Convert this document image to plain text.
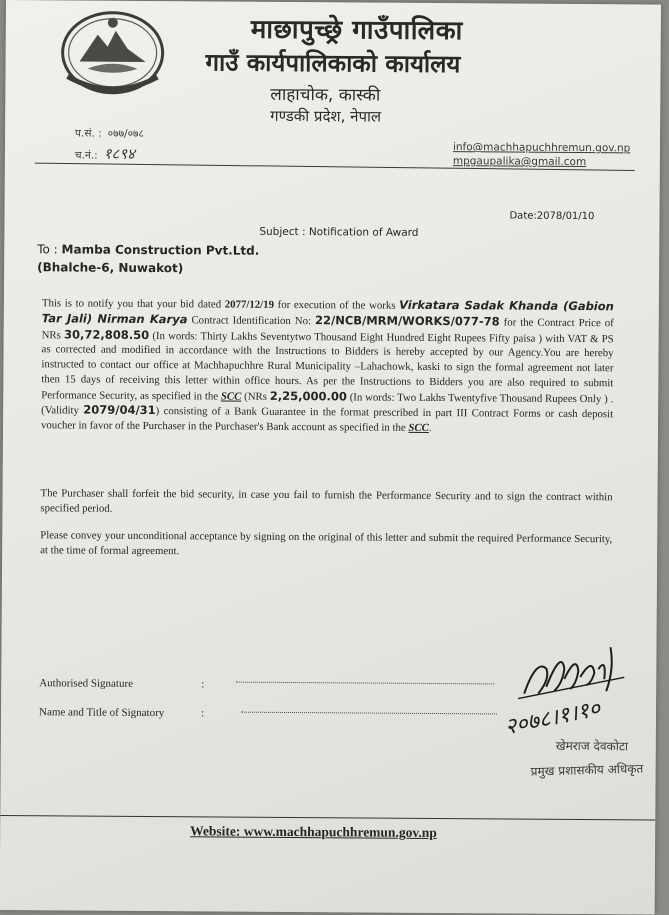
माछापुच्छ्रे गाउँपालिका
गाउँ कार्यपालिकाको कार्यालय
लाहाचोक, कास्की
गण्डकी प्रदेश, नेपाल
प.सं. : ०७७/०७८
च.नं.: १८९४	info@machhapuchhremun.gov.np
mpgaupalika@gmail.com
Date:2078/01/10
Subject : Notification of Award
To : Mamba Construction Pvt.Ltd.
(Bhalche-6, Nuwakot)
This is to notify you that your bid dated 2077/12/19 for execution of the works Virkatara Sadak Khanda (Gabion Tar Jali) Nirman Karya Contract Identification No: 22/NCB/MRM/WORKS/077-78 for the Contract Price of NRs 30,72,808.50 (In words: Thirty Lakhs Seventytwo Thousand Eight Hundred Eight Rupees Fifty paisa ) with VAT & PS as corrected and modified in accordance with the Instructions to Bidders is hereby accepted by our Agency.You are hereby instructed to contact our office at Machhapuchhre Rural Municipality –Lahachowk, kaski to sign the formal agreement not later then 15 days of receiving this letter within office hours. As per the Instructions to Bidders you are also required to submit Performance Security, as specified in the SCC (NRs 2,25,000.00 (In words: Two Lakhs Twentyfive Thousand Rupees Only ) .(Validity 2079/04/31) consisting of a Bank Guarantee in the format prescribed in part III Contract Forms or cash deposit voucher in favor of the Purchaser in the Purchaser's Bank account as specified in the SCC.
The Purchaser shall forfeit the bid security, in case you fail to furnish the Performance Security and to sign the contract within specified period.
Please convey your unconditional acceptance by signing on the original of this letter and submit the required Performance Security, at the time of formal agreement.
Authorised Signature	:
Name and Title of Signatory	:	२०७८।१।१०
खेमराज देवकोटा
प्रमुख प्रशासकीय अधिकृत
Website: www.machhapuchhremun.gov.np
